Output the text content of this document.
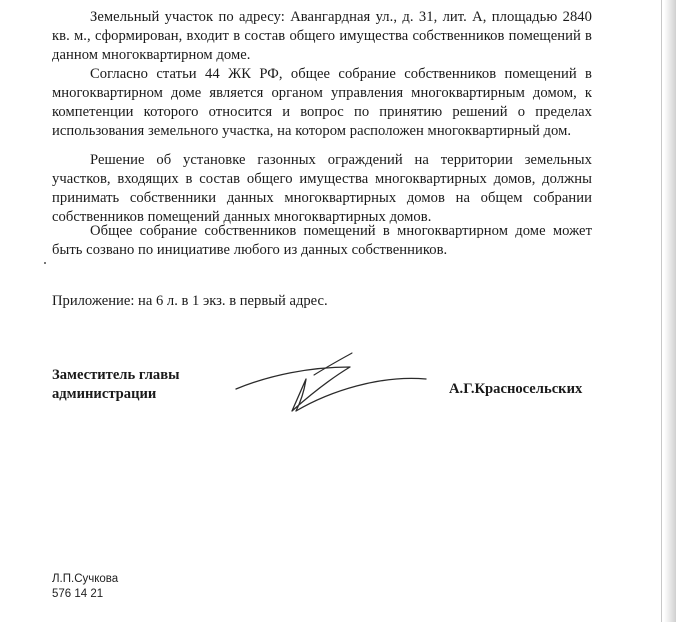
Земельный участок по адресу: Авангардная ул., д. 31, лит. А, площадью 2840 кв. м., сформирован, входит в состав общего имущества собственников помещений в данном многоквартирном доме.

Согласно статьи 44 ЖК РФ, общее собрание собственников помещений в многоквартирном доме является органом управления многоквартирным домом, к компетенции которого относится и вопрос по принятию решений о пределах использования земельного участка, на котором расположен многоквартирный дом.

Решение об установке газонных ограждений на территории земельных участков, входящих в состав общего имущества многоквартирных домов, должны принимать собственники данных многоквартирных домов на общем собрании собственников помещений данных многоквартирных домов.

Общее собрание собственников помещений в многоквартирном доме может быть созвано по инициативе любого из данных собственников.

Приложение: на 6 л. в 1 экз. в первый адрес.
Заместитель главы
администрации	А.Г.Красносельских
Л.П.Сучкова
576 14 21
